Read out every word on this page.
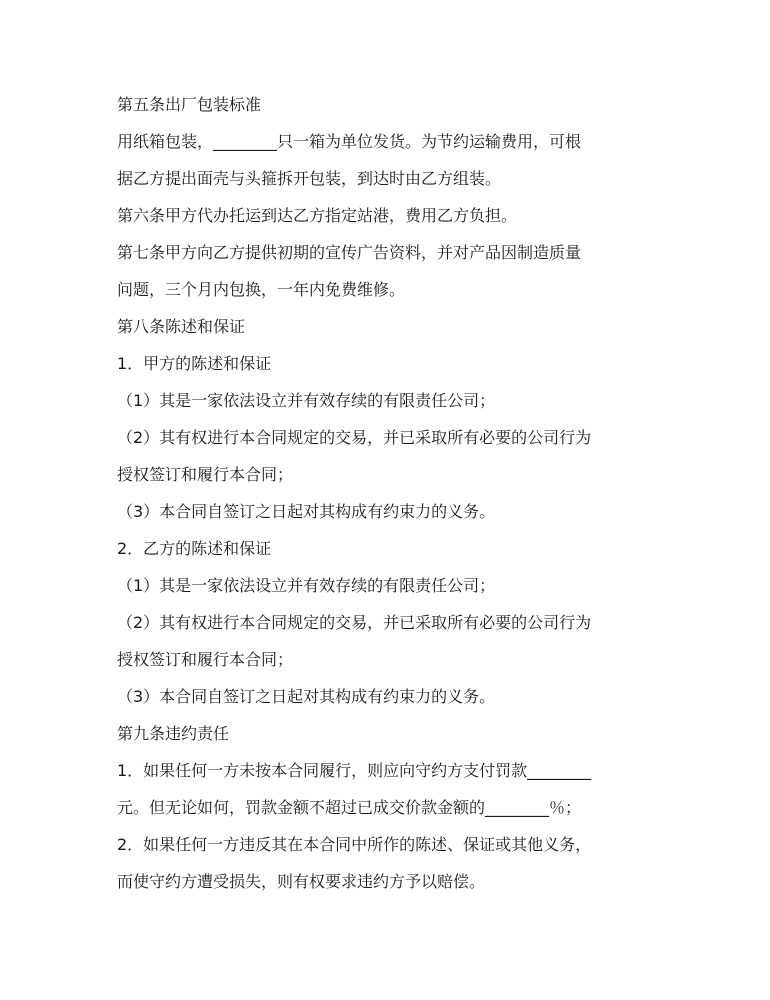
第五条出厂包装标准
用纸箱包装，________只一箱为单位发货。为节约运输费用，可根
据乙方提出面壳与头箍拆开包装，到达时由乙方组装。
第六条甲方代办托运到达乙方指定站港，费用乙方负担。
第七条甲方向乙方提供初期的宣传广告资料，并对产品因制造质量
问题，三个月内包换，一年内免费维修。
第八条陈述和保证
1．甲方的陈述和保证
（1）其是一家依法设立并有效存续的有限责任公司；
（2）其有权进行本合同规定的交易，并已采取所有必要的公司行为
授权签订和履行本合同；
（3）本合同自签订之日起对其构成有约束力的义务。
2．乙方的陈述和保证
（1）其是一家依法设立并有效存续的有限责任公司；
（2）其有权进行本合同规定的交易，并已采取所有必要的公司行为
授权签订和履行本合同；
（3）本合同自签订之日起对其构成有约束力的义务。
第九条违约责任
1．如果任何一方未按本合同履行，则应向守约方支付罚款________
元。但无论如何，罚款金额不超过已成交价款金额的________％；
2．如果任何一方违反其在本合同中所作的陈述、保证或其他义务，
而使守约方遭受损失，则有权要求违约方予以赔偿。
